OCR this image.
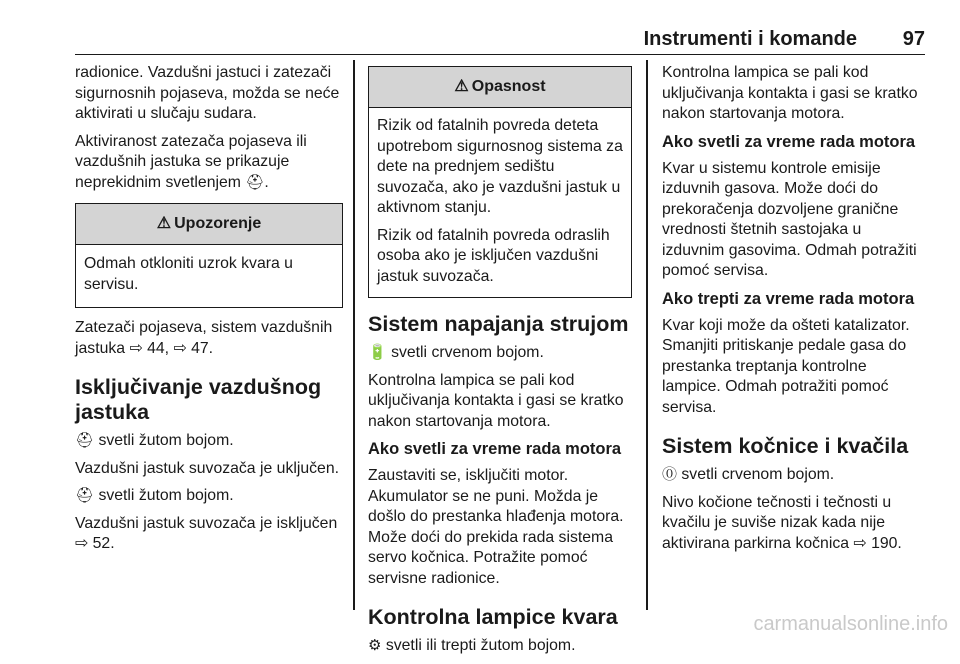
Instrumenti i komande 97

radionice. Vazdušni jastuci i zatezači sigurnosnih pojaseva, možda se neće aktivirati u slučaju sudara.

Aktiviranost zatezača pojaseva ili vazdušnih jastuka se prikazuje neprekidnim svetlenjem ⛑.

⚠ Upozorenje

Odmah otkloniti uzrok kvara u servisu.

Zatezači pojaseva, sistem vazdušnih jastuka ⇨ 44, ⇨ 47.

Isključivanje vazdušnog jastuka

⛑ svetli žutom bojom.

Vazdušni jastuk suvozača je uključen.

⛑ svetli žutom bojom.

Vazdušni jastuk suvozača je isključen ⇨ 52.

⚠ Opasnost

Rizik od fatalnih povreda deteta upotrebom sigurnosnog sistema za dete na prednjem sedištu suvozača, ako je vazdušni jastuk u aktivnom stanju.

Rizik od fatalnih povreda odraslih osoba ako je isključen vazdušni jastuk suvozača.

Sistem napajanja strujom

🔋 svetli crvenom bojom.

Kontrolna lampica se pali kod uključivanja kontakta i gasi se kratko nakon startovanja motora.

Ako svetli za vreme rada motora

Zaustaviti se, isključiti motor. Akumulator se ne puni. Možda je došlo do prestanka hlađenja motora. Može doći do prekida rada sistema servo kočnica. Potražite pomoć servisne radionice.

Kontrolna lampice kvara

⚙ svetli ili trepti žutom bojom.

Kontrolna lampica se pali kod uključivanja kontakta i gasi se kratko nakon startovanja motora.

Ako svetli za vreme rada motora

Kvar u sistemu kontrole emisije izduvnih gasova. Može doći do prekoračenja dozvoljene granične vrednosti štetnih sastojaka u izduvnim gasovima. Odmah potražiti pomoć servisa.

Ako trepti za vreme rada motora

Kvar koji može da ošteti katalizator. Smanjiti pritiskanje pedale gasa do prestanka treptanja kontrolne lampice. Odmah potražiti pomoć servisa.

Sistem kočnice i kvačila

⓪ svetli crvenom bojom.

Nivo kočione tečnosti i tečnosti u kvačilu je suviše nizak kada nije aktivirana parkirna kočnica ⇨ 190.

carmanualsonline.info
